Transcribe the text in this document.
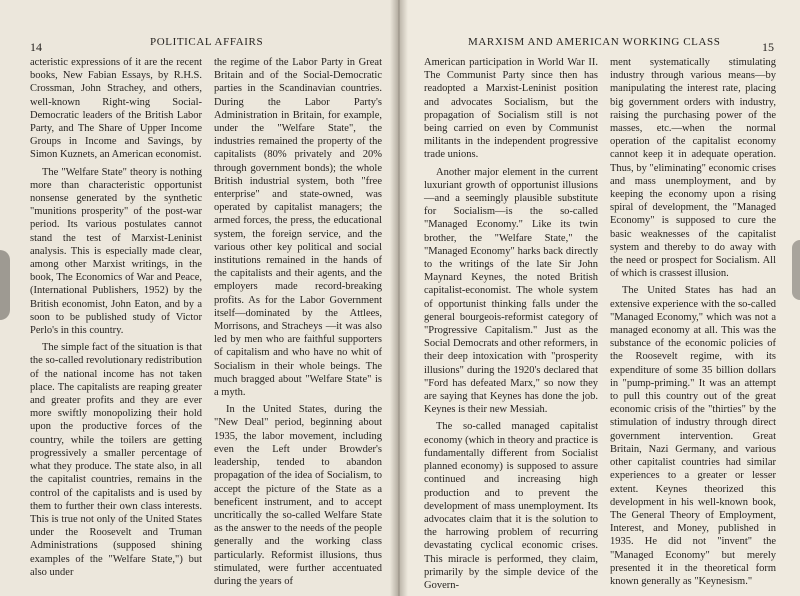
14	POLITICAL AFFAIRS

acteristic expressions of it are the recent books, New Fabian Essays, by R.H.S. Crossman, John Strachey, and others, well-known Right-wing Social-Democratic leaders of the British Labor Party, and The Share of Upper Income Groups in Income and Savings, by Simon Kuznets, an American economist.

The "Welfare State" theory is nothing more than characteristic opportunist nonsense generated by the synthetic "munitions prosperity" of the post-war period. Its various postulates cannot stand the test of Marxist-Leninist analysis. This is especially made clear, among other Marxist writings, in the book, The Economics of War and Peace, (International Publishers, 1952) by the British economist, John Eaton, and by a soon to be published study of Victor Perlo's in this country.

The simple fact of the situation is that the so-called revolutionary redistribution of the national income has not taken place. The capitalists are reaping greater and greater profits and they are ever more swiftly monopolizing their hold upon the productive forces of the country, while the toilers are getting progressively a smaller percentage of what they produce. The state also, in all the capitalist countries, remains in the control of the capitalists and is used by them to further their own class interests. This is true not only of the United States under the Roosevelt and Truman Administrations (supposed shining examples of the "Welfare State,") but also under

the regime of the Labor Party in Great Britain and of the Social-Democratic parties in the Scandinavian countries. During the Labor Party's Administration in Britain, for example, under the "Welfare State", the industries remained the property of the capitalists (80% privately and 20% through government bonds); the whole British industrial system, both "free enterprise" and state-owned, was operated by capitalist managers; the armed forces, the press, the educational system, the foreign service, and the various other key political and social institutions remained in the hands of the capitalists and their agents, and the employers made record-breaking profits. As for the Labor Government itself—dominated by the Attlees, Morrisons, and Stracheys —it was also led by men who are faithful supporters of capitalism and who have no whit of Socialism in their whole beings. The much bragged about "Welfare State" is a myth.

In the United States, during the "New Deal" period, beginning about 1935, the labor movement, including even the Left under Browder's leadership, tended to abandon propagation of the idea of Socialism, to accept the picture of the State as a beneficent instrument, and to accept uncritically the so-called Welfare State as the answer to the needs of the people generally and the working class particularly. Reformist illusions, thus stimulated, were further accentuated during the years of

MARXISM AND AMERICAN WORKING CLASS	15

American participation in World War II. The Communist Party since then has readopted a Marxist-Leninist position and advocates Socialism, but the propagation of Socialism still is not being carried on even by Communist militants in the independent progressive trade unions.

Another major element in the current luxuriant growth of opportunist illusions—and a seemingly plausible substitute for Socialism—is the so-called "Managed Economy." Like its twin brother, the "Welfare State," the "Managed Economy" harks back directly to the writings of the late Sir John Maynard Keynes, the noted British capitalist-economist. The whole system of opportunist thinking falls under the general bourgeois-reformist category of "Progressive Capitalism." Just as the Social Democrats and other reformers, in their deep intoxication with "prosperity illusions" during the 1920's declared that "Ford has defeated Marx," so now they are saying that Keynes has done the job. Keynes is their new Messiah.

The so-called managed capitalist economy (which in theory and practice is fundamentally different from Socialist planned economy) is supposed to assure continued and increasing high production and to prevent the development of mass unemployment. Its advocates claim that it is the solution to the harrowing problem of recurring devastating cyclical economic crises. This miracle is performed, they claim, primarily by the simple device of the Govern-

ment systematically stimulating industry through various means—by manipulating the interest rate, placing big government orders with industry, raising the purchasing power of the masses, etc.—when the normal operation of the capitalist economy cannot keep it in adequate operation. Thus, by "eliminating" economic crises and mass unemployment, and by keeping the economy upon a rising spiral of development, the "Managed Economy" is supposed to cure the basic weaknesses of the capitalist system and thereby to do away with the need or prospect for Socialism. All of which is crassest illusion.

The United States has had an extensive experience with the so-called "Managed Economy," which was not a managed economy at all. This was the substance of the economic policies of the Roosevelt regime, with its expenditure of some 35 billion dollars in "pump-priming." It was an attempt to pull this country out of the great economic crisis of the "thirties" by the stimulation of industry through direct government intervention. Great Britain, Nazi Germany, and various other capitalist countries had similar experiences to a greater or lesser extent. Keynes theorized this development in his well-known book, The General Theory of Employment, Interest, and Money, published in 1935. He did not "invent" the "Managed Economy" but merely presented it in the theoretical form known generally as "Keynesism."
